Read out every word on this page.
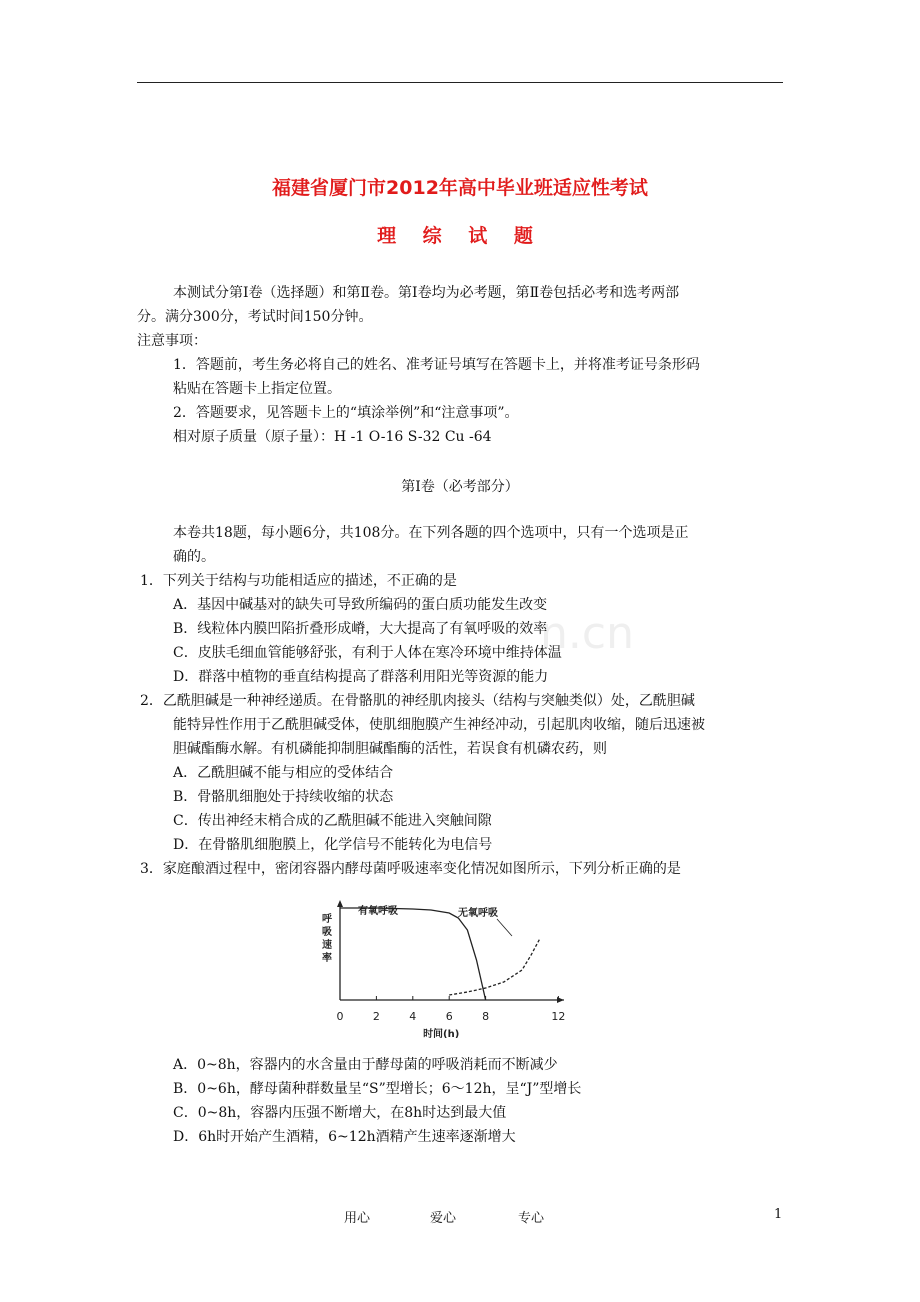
n.cn
福建省厦门市2012年高中毕业班适应性考试
理 综 试 题
本测试分第Ⅰ卷（选择题）和第Ⅱ卷。第Ⅰ卷均为必考题，第Ⅱ卷包括必考和选考两部
分。满分300分，考试时间150分钟。
注意事项：
1．答题前，考生务必将自己的姓名、准考证号填写在答题卡上，并将准考证号条形码
粘贴在答题卡上指定位置。
2．答题要求，见答题卡上的“填涂举例”和“注意事项”。
相对原子质量（原子量）：H -1 O-16 S-32 Cu -64
第Ⅰ卷（必考部分）
本卷共18题，每小题6分，共108分。在下列各题的四个选项中，只有一个选项是正
确的。
1．下列关于结构与功能相适应的描述，不正确的是
A．基因中碱基对的缺失可导致所编码的蛋白质功能发生改变
B．线粒体内膜凹陷折叠形成嵴，大大提高了有氧呼吸的效率
C．皮肤毛细血管能够舒张，有利于人体在寒冷环境中维持体温
D．群落中植物的垂直结构提高了群落利用阳光等资源的能力
2．乙酰胆碱是一种神经递质。在骨骼肌的神经肌肉接头（结构与突触类似）处，乙酰胆碱
能特异性作用于乙酰胆碱受体，使肌细胞膜产生神经冲动，引起肌肉收缩，随后迅速被
胆碱酯酶水解。有机磷能抑制胆碱酯酶的活性，若误食有机磷农药，则
A．乙酰胆碱不能与相应的受体结合
B．骨骼肌细胞处于持续收缩的状态
C．传出神经末梢合成的乙酰胆碱不能进入突触间隙
D．在骨骼肌细胞膜上，化学信号不能转化为电信号
3．家庭酿酒过程中，密闭容器内酵母菌呼吸速率变化情况如图所示，下列分析正确的是
0	2	4	6	8	12
呼
吸
速
率
时间(h)
有氧呼吸	无氧呼吸
A．0~8h，容器内的水含量由于酵母菌的呼吸消耗而不断减少
B．0~6h，酵母菌种群数量呈“S”型增长；6～12h，呈“J”型增长
C．0~8h，容器内压强不断增大，在8h时达到最大值
D．6h时开始产生酒精，6~12h酒精产生速率逐渐增大
用心	爱心	专心	1
